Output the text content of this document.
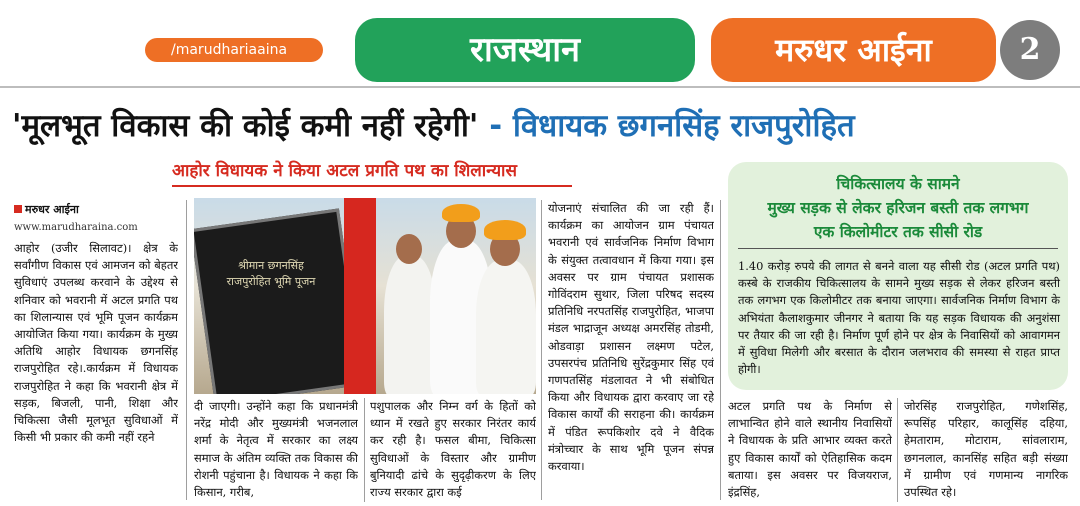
/marudhariaaina	राजस्थान	मरुधर आईना	2
'मूलभूत विकास की कोई कमी नहीं रहेगी' - विधायक छगनसिंह राजपुरोहित
आहोर विधायक ने किया अटल प्रगति पथ का शिलान्यास
मरुधर आईना
www.marudharaina.com

आहोर (उजीर सिलावट)। क्षेत्र के सर्वांगीण विकास एवं आमजन को बेहतर सुविधाएं उपलब्ध करवाने के उद्देश्य से शनिवार को भवरानी में अटल प्रगति पथ का शिलान्यास एवं भूमि पूजन कार्यक्रम आयोजित किया गया। कार्यक्रम के मुख्य अतिथि आहोर विधायक छगनसिंह राजपुरोहित रहे।.कार्यक्रम में विधायक राजपुरोहित ने कहा कि भवरानी क्षेत्र में सड़क, बिजली, पानी, शिक्षा और चिकित्सा जैसी मूलभूत सुविधाओं में किसी भी प्रकार की कमी नहीं रहने

श्रीमान छगनसिंह राजपुरोहित भूमि पूजन

दी जाएगी। उन्होंने कहा कि प्रधानमंत्री नरेंद्र मोदी और मुख्यमंत्री भजनलाल शर्मा के नेतृत्व में सरकार का लक्ष्य समाज के अंतिम व्यक्ति तक विकास की रोशनी पहुंचाना है। विधायक ने कहा कि किसान, गरीब,

पशुपालक और निम्न वर्ग के हितों को ध्यान में रखते हुए सरकार निरंतर कार्य कर रही है। फसल बीमा, चिकित्सा सुविधाओं के विस्तार और ग्रामीण बुनियादी ढांचे के सुदृढ़ीकरण के लिए राज्य सरकार द्वारा कई

योजनाएं संचालित की जा रही हैं। कार्यक्रम का आयोजन ग्राम पंचायत भवरानी एवं सार्वजनिक निर्माण विभाग के संयुक्त तत्वावधान में किया गया। इस अवसर पर ग्राम पंचायत प्रशासक गोविंदराम सुथार, जिला परिषद सदस्य प्रतिनिधि नरपतसिंह राजपुरोहित, भाजपा मंडल भाद्राजून अध्यक्ष अमरसिंह तोडमी, ओडवाड़ा प्रशासन लक्ष्मण पटेल, उपसरपंच प्रतिनिधि सुरेंद्रकुमार सिंह एवं गणपतसिंह मंडलावत ने भी संबोधित किया और विधायक द्वारा करवाए जा रहे विकास कार्यों की सराहना की। कार्यक्रम में पंडित रूपकिशोर दवे ने वैदिक मंत्रोच्चार के साथ भूमि पूजन संपन्न करवाया।

चिकित्सालय के सामने
मुख्य सड़क से लेकर हरिजन बस्ती तक लगभग
एक किलोमीटर तक सीसी रोड
1.40 करोड़ रुपये की लागत से बनने वाला यह सीसी रोड (अटल प्रगति पथ) कस्बे के राजकीय चिकित्सालय के सामने मुख्य सड़क से लेकर हरिजन बस्ती तक लगभग एक किलोमीटर तक बनाया जाएगा। सार्वजनिक निर्माण विभाग के अभियंता कैलाशकुमार जीनगर ने बताया कि यह सड़क विधायक की अनुशंसा पर तैयार की जा रही है। निर्माण पूर्ण होने पर क्षेत्र के निवासियों को आवागमन में सुविधा मिलेगी और बरसात के दौरान जलभराव की समस्या से राहत प्राप्त होगी।

अटल प्रगति पथ के निर्माण से लाभान्वित होने वाले स्थानीय निवासियों ने विधायक के प्रति आभार व्यक्त करते हुए विकास कार्यों को ऐतिहासिक कदम बताया। इस अवसर पर विजयराज, इंद्रसिंह,

जोरसिंह राजपुरोहित, गणेशसिंह, रूपसिंह परिहार, कालूसिंह दहिया, हेमताराम, मोटाराम, सांवलाराम, छगनलाल, कानसिंह सहित बड़ी संख्या में ग्रामीण एवं गणमान्य नागरिक उपस्थित रहे।
